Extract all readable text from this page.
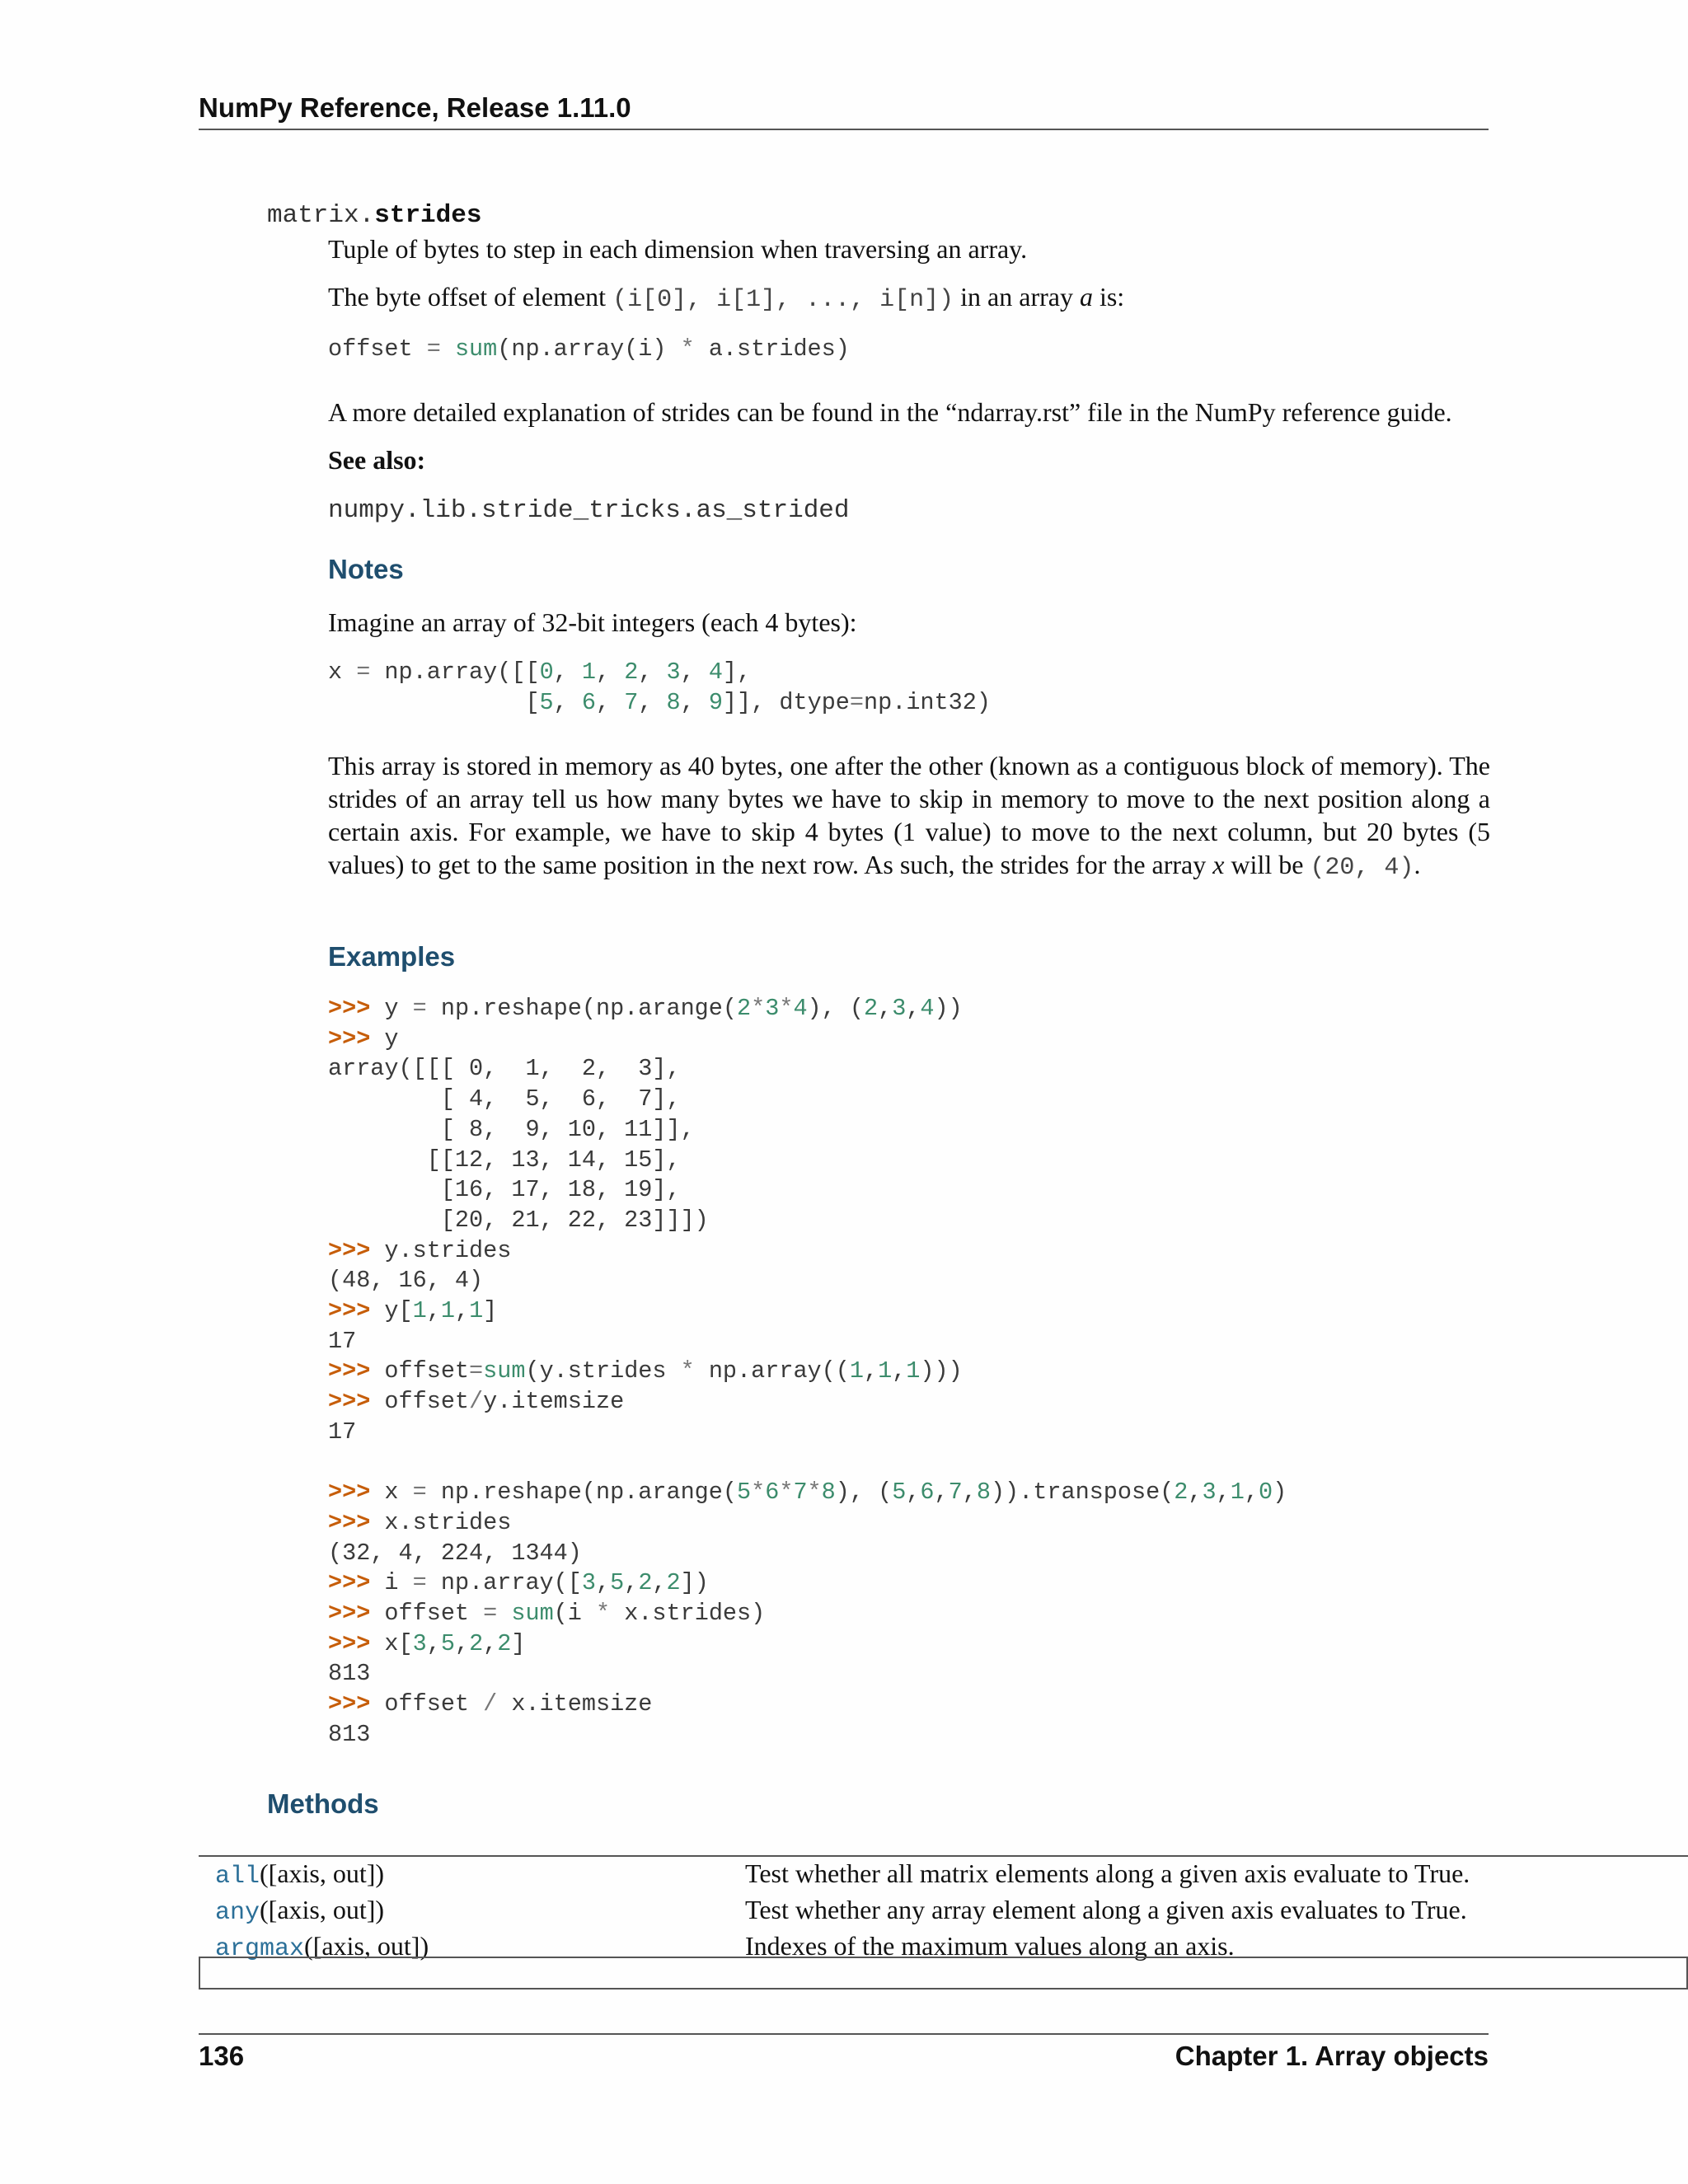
NumPy Reference, Release 1.11.0
matrix.strides
Tuple of bytes to step in each dimension when traversing an array.
The byte offset of element (i[0], i[1], ..., i[n]) in an array a is:
offset = sum(np.array(i) * a.strides)
A more detailed explanation of strides can be found in the “ndarray.rst” file in the NumPy reference guide.
See also:
numpy.lib.stride_tricks.as_strided
Notes
Imagine an array of 32-bit integers (each 4 bytes):
x = np.array([[0, 1, 2, 3, 4],
[5, 6, 7, 8, 9]], dtype=np.int32)
This array is stored in memory as 40 bytes, one after the other (known as a contiguous block of memory). The strides of an array tell us how many bytes we have to skip in memory to move to the next position along a certain axis. For example, we have to skip 4 bytes (1 value) to move to the next column, but 20 bytes (5 values) to get to the same position in the next row. As such, the strides for the array x will be (20, 4).
Examples
>>> y = np.reshape(np.arange(2*3*4), (2,3,4))
>>> y
array([[[ 0,  1,  2,  3],
[ 4,  5,  6,  7],
[ 8,  9, 10, 11]],
[[12, 13, 14, 15],
[16, 17, 18, 19],
[20, 21, 22, 23]]])
>>> y.strides
(48, 16, 4)
>>> y[1,1,1]
17
>>> offset=sum(y.strides * np.array((1,1,1)))
>>> offset/y.itemsize
17

>>> x = np.reshape(np.arange(5*6*7*8), (5,6,7,8)).transpose(2,3,1,0)
>>> x.strides
(32, 4, 224, 1344)
>>> i = np.array([3,5,2,2])
>>> offset = sum(i * x.strides)
>>> x[3,5,2,2]
813
>>> offset / x.itemsize
813
Methods
all([axis, out])	Test whether all matrix elements along a given axis evaluate to True.
any([axis, out])	Test whether any array element along a given axis evaluates to True.
argmax([axis, out])	Indexes of the maximum values along an axis.
136	Chapter 1. Array objects
